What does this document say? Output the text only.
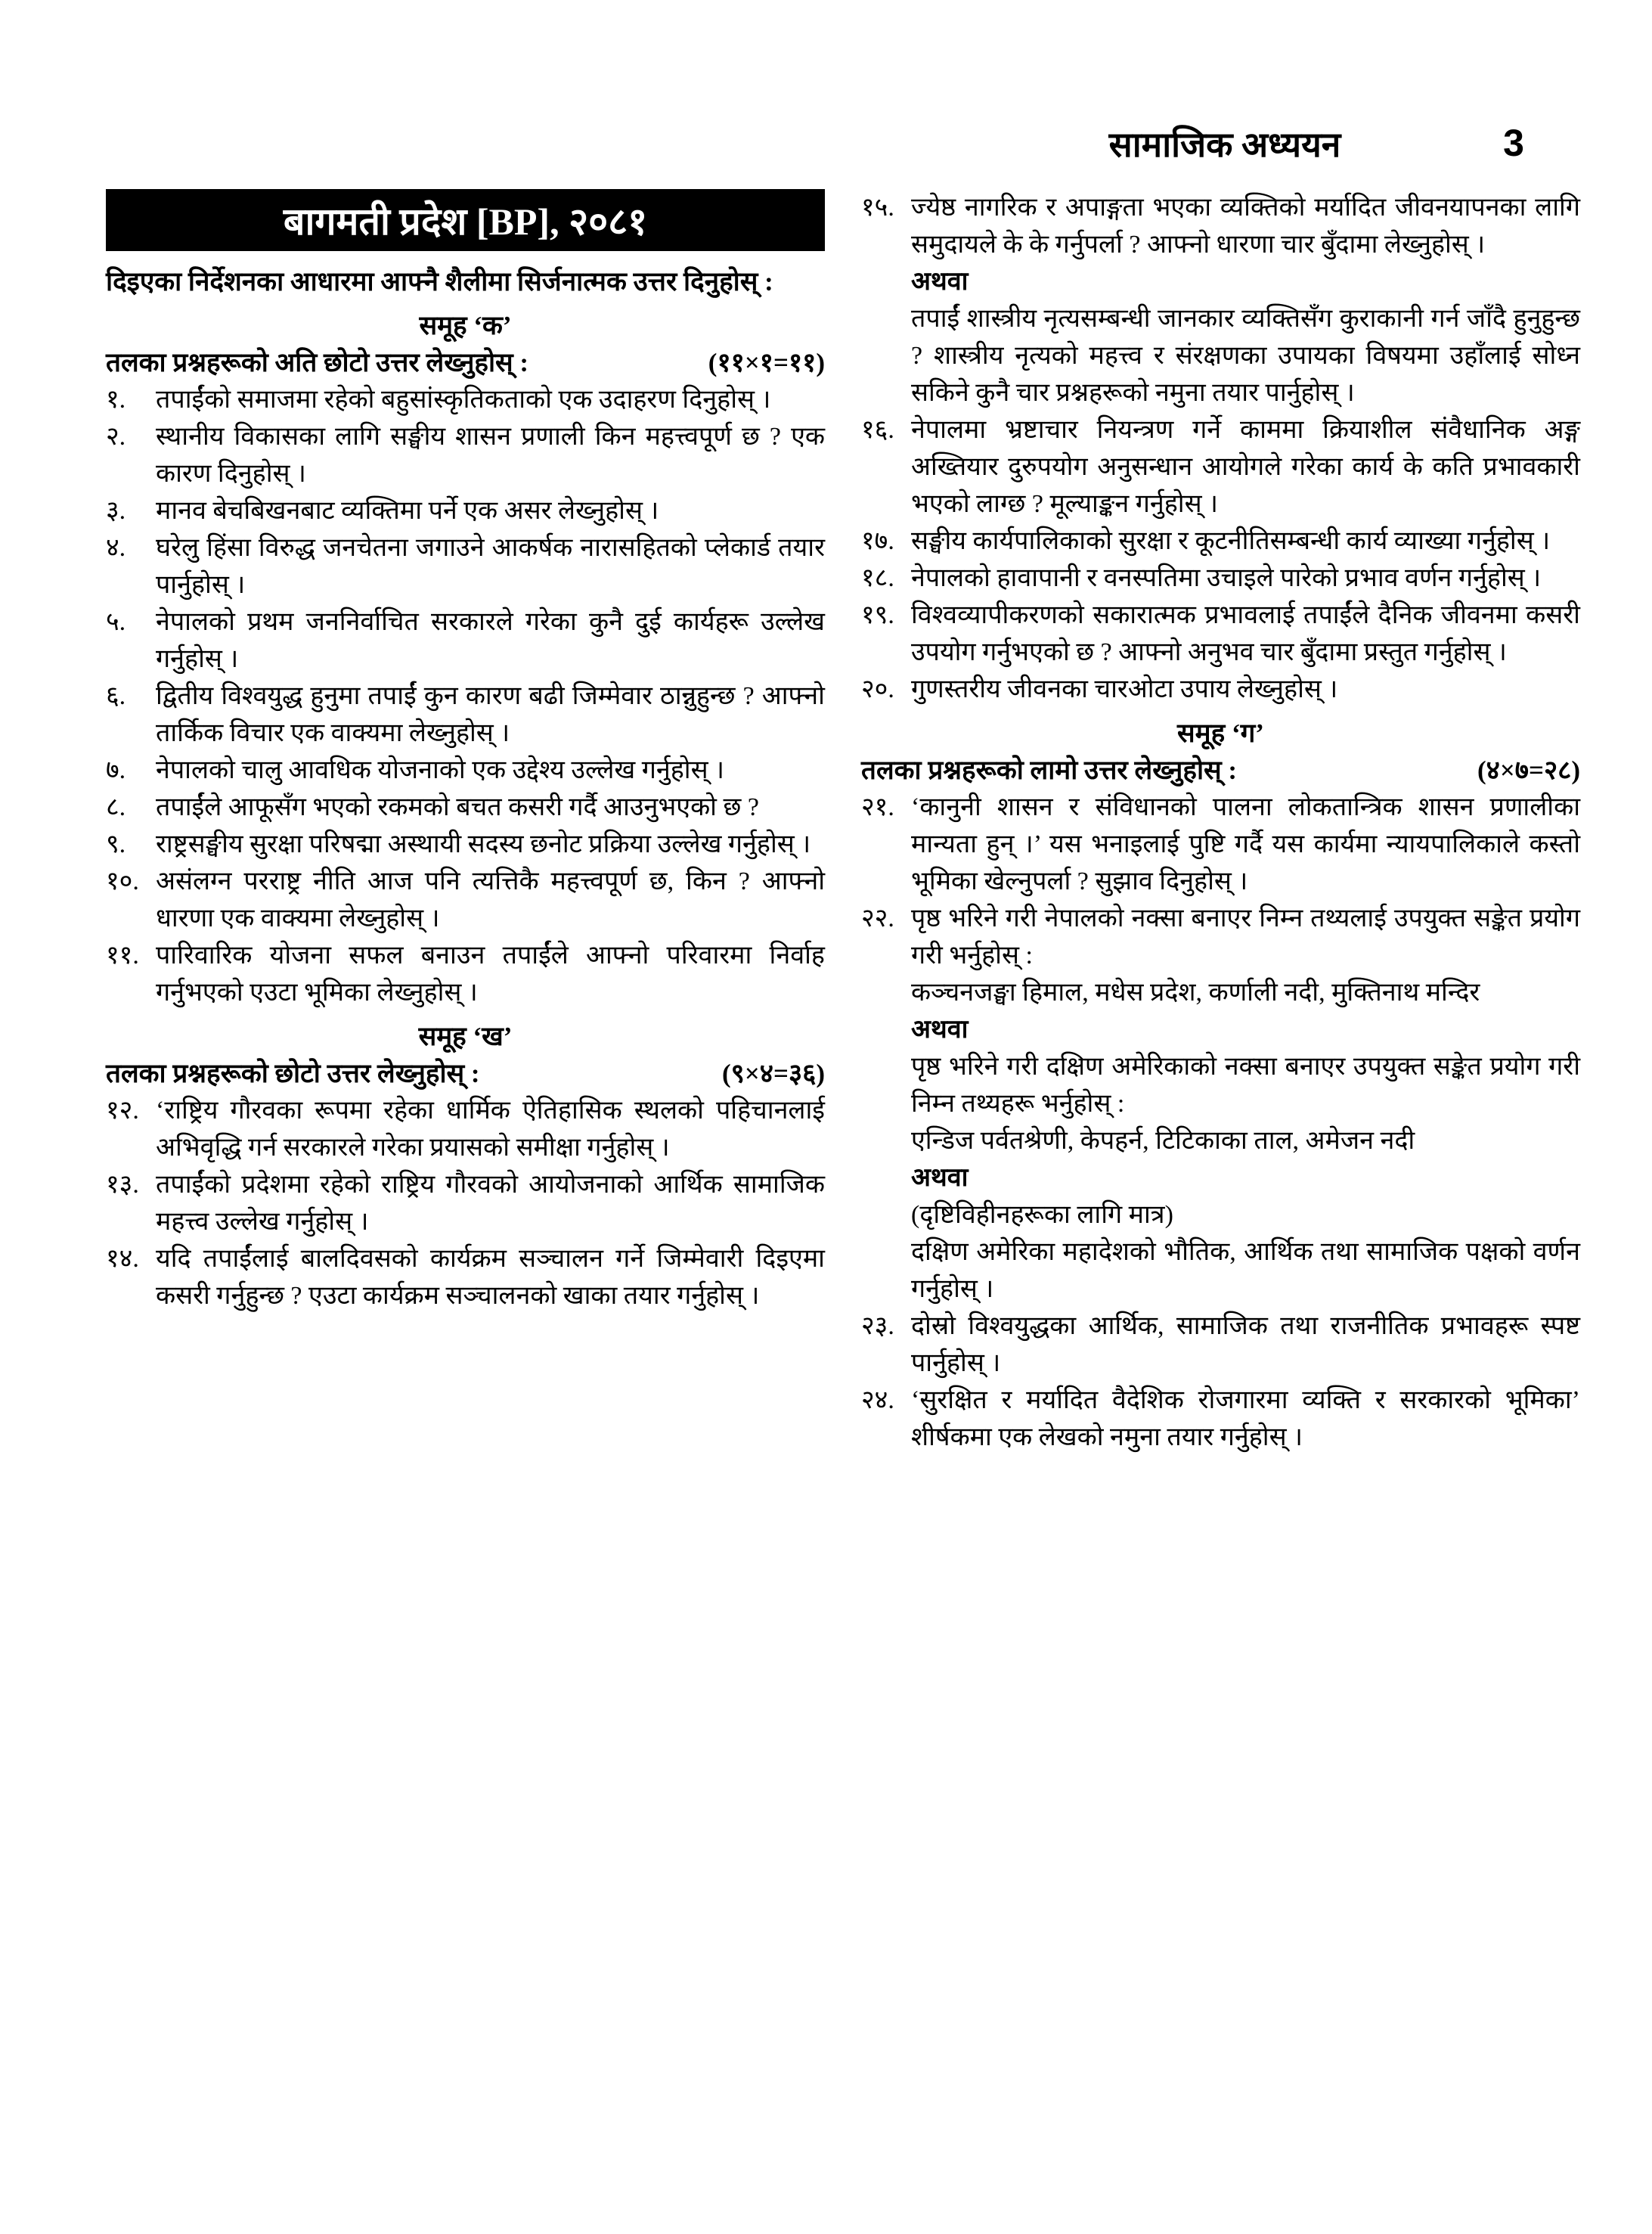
सामाजिक अध्ययन	3
बागमती प्रदेश [BP], २०८१
दिइएका निर्देशनका आधारमा आफ्नै शैलीमा सिर्जनात्मक उत्तर दिनुहोस् :
समूह ‘क’
तलका प्रश्नहरूको अति छोटो उत्तर लेख्नुहोस् :	(११×१=११)
१.	तपाईंको समाजमा रहेको बहुसांस्कृतिकताको एक उदाहरण दिनुहोस् ।
२.	स्थानीय विकासका लागि सङ्घीय शासन प्रणाली किन महत्त्वपूर्ण छ ? एक कारण दिनुहोस् ।
३.	मानव बेचबिखनबाट व्यक्तिमा पर्ने एक असर लेख्नुहोस् ।
४.	घरेलु हिंसा विरुद्ध जनचेतना जगाउने आकर्षक नारासहितको प्लेकार्ड तयार पार्नुहोस् ।
५.	नेपालको प्रथम जननिर्वाचित सरकारले गरेका कुनै दुई कार्यहरू उल्लेख गर्नुहोस् ।
६.	द्वितीय विश्वयुद्ध हुनुमा तपाईं कुन कारण बढी जिम्मेवार ठान्नुहुन्छ ? आफ्नो तार्किक विचार एक वाक्यमा लेख्नुहोस् ।
७.	नेपालको चालु आवधिक योजनाको एक उद्देश्य उल्लेख गर्नुहोस् ।
८.	तपाईंले आफूसँग भएको रकमको बचत कसरी गर्दै आउनुभएको छ ?
९.	राष्ट्रसङ्घीय सुरक्षा परिषद्मा अस्थायी सदस्य छनोट प्रक्रिया उल्लेख गर्नुहोस् ।
१०. असंलग्न परराष्ट्र नीति आज पनि त्यत्तिकै महत्त्वपूर्ण छ, किन ? आफ्नो धारणा एक वाक्यमा लेख्नुहोस् ।
११. पारिवारिक योजना सफल बनाउन तपाईंले आफ्नो परिवारमा निर्वाह गर्नुभएको एउटा भूमिका लेख्नुहोस् ।
समूह ‘ख’
तलका प्रश्नहरूको छोटो उत्तर लेख्नुहोस् :	(९×४=३६)
१२. ‘राष्ट्रिय गौरवका रूपमा रहेका धार्मिक ऐतिहासिक स्थलको पहिचानलाई अभिवृद्धि गर्न सरकारले गरेका प्रयासको समीक्षा गर्नुहोस् ।
१३. तपाईंको प्रदेशमा रहेको राष्ट्रिय गौरवको आयोजनाको आर्थिक सामाजिक महत्त्व उल्लेख गर्नुहोस् ।
१४. यदि तपाईंलाई बालदिवसको कार्यक्रम सञ्चालन गर्ने जिम्मेवारी दिइएमा कसरी गर्नुहुन्छ ? एउटा कार्यक्रम सञ्चालनको खाका तयार गर्नुहोस् ।
१५. ज्येष्ठ नागरिक र अपाङ्गता भएका व्यक्तिको मर्यादित जीवनयापनका लागि समुदायले के के गर्नुपर्ला ? आफ्नो धारणा चार बुँदामा लेख्नुहोस् ।
अथवा
तपाईं शास्त्रीय नृत्यसम्बन्धी जानकार व्यक्तिसँग कुराकानी गर्न जाँदै हुनुहुन्छ ? शास्त्रीय नृत्यको महत्त्व र संरक्षणका उपायका विषयमा उहाँलाई सोध्न सकिने कुनै चार प्रश्नहरूको नमुना तयार पार्नुहोस् ।
१६. नेपालमा भ्रष्टाचार नियन्त्रण गर्ने काममा क्रियाशील संवैधानिक अङ्ग अख्तियार दुरुपयोग अनुसन्धान आयोगले गरेका कार्य के कति प्रभावकारी भएको लाग्छ ? मूल्याङ्कन गर्नुहोस् ।
१७. सङ्घीय कार्यपालिकाको सुरक्षा र कूटनीतिसम्बन्धी कार्य व्याख्या गर्नुहोस् ।
१८. नेपालको हावापानी र वनस्पतिमा उचाइले पारेको प्रभाव वर्णन गर्नुहोस् ।
१९. विश्वव्यापीकरणको सकारात्मक प्रभावलाई तपाईंले दैनिक जीवनमा कसरी उपयोग गर्नुभएको छ ? आफ्नो अनुभव चार बुँदामा प्रस्तुत गर्नुहोस् ।
२०. गुणस्तरीय जीवनका चारओटा उपाय लेख्नुहोस् ।
समूह ‘ग’
तलका प्रश्नहरूको लामो उत्तर लेख्नुहोस् :	(४×७=२८)
२१. ‘कानुनी शासन र संविधानको पालना लोकतान्त्रिक शासन प्रणालीका मान्यता हुन् ।’ यस भनाइलाई पुष्टि गर्दै यस कार्यमा न्यायपालिकाले कस्तो भूमिका खेल्नुपर्ला ? सुझाव दिनुहोस् ।
२२. पृष्ठ भरिने गरी नेपालको नक्सा बनाएर निम्न तथ्यलाई उपयुक्त सङ्केत प्रयोग गरी भर्नुहोस् :
कञ्चनजङ्घा हिमाल, मधेस प्रदेश, कर्णाली नदी, मुक्तिनाथ मन्दिर
अथवा
पृष्ठ भरिने गरी दक्षिण अमेरिकाको नक्सा बनाएर उपयुक्त सङ्केत प्रयोग गरी निम्न तथ्यहरू भर्नुहोस् :
एन्डिज पर्वतश्रेणी, केपहर्न, टिटिकाका ताल, अमेजन नदी
अथवा
(दृष्टिविहीनहरूका लागि मात्र)
दक्षिण अमेरिका महादेशको भौतिक, आर्थिक तथा सामाजिक पक्षको वर्णन गर्नुहोस् ।
२३. दोस्रो विश्वयुद्धका आर्थिक, सामाजिक तथा राजनीतिक प्रभावहरू स्पष्ट पार्नुहोस् ।
२४. ‘सुरक्षित र मर्यादित वैदेशिक रोजगारमा व्यक्ति र सरकारको भूमिका’ शीर्षकमा एक लेखको नमुना तयार गर्नुहोस् ।
